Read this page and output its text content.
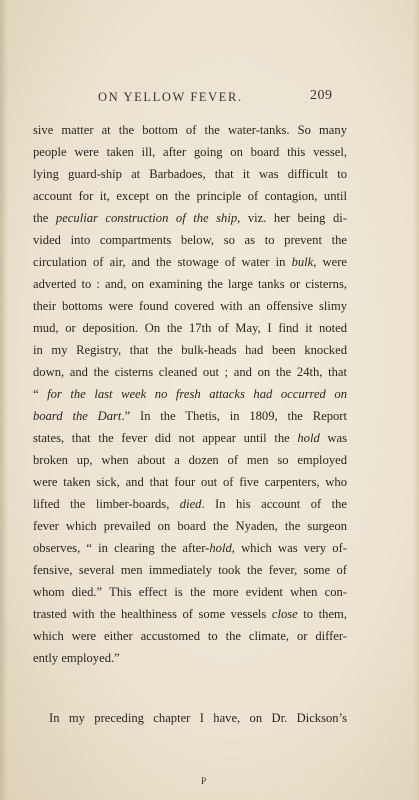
ON YELLOW FEVER.	209
sive matter at the bottom of the water-tanks. So many
people were taken ill, after going on board this vessel,
lying guard-ship at Barbadoes, that it was difficult to
account for it, except on the principle of contagion, until
the peculiar construction of the ship, viz. her being di-
vided into compartments below, so as to prevent the
circulation of air, and the stowage of water in bulk, were
adverted to : and, on examining the large tanks or cisterns,
their bottoms were found covered with an offensive slimy
mud, or deposition. On the 17th of May, I find it noted
in my Registry, that the bulk-heads had been knocked
down, and the cisterns cleaned out ; and on the 24th, that
“ for the last week no fresh attacks had occurred on
board the Dart.” In the Thetis, in 1809, the Report
states, that the fever did not appear until the hold was
broken up, when about a dozen of men so employed
were taken sick, and that four out of five carpenters, who
lifted the limber-boards, died. In his account of the
fever which prevailed on board the Nyaden, the surgeon
observes, “ in clearing the after-hold, which was very of-
fensive, several men immediately took the fever, some of
whom died.” This effect is the more evident when con-
trasted with the healthiness of some vessels close to them,
which were either accustomed to the climate, or differ-
ently employed.”
In my preceding chapter I have, on Dr. Dickson’s
P
